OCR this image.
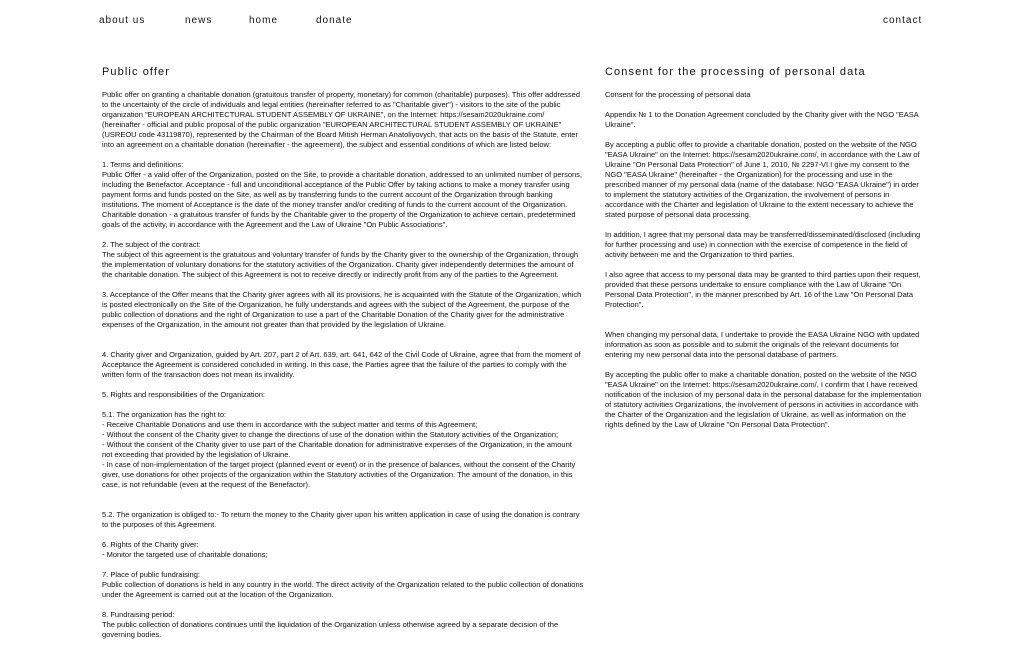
about us	news	home	donate	contact
Public offer

Public offer on granting a charitable donation (gratuitous transfer of property, monetary) for common (charitable) purposes). This offer addressed to the uncertainty of the circle of individuals and legal entities (hereinafter referred to as "Charitable giver") - visitors to the site of the public organization "EUROPEAN ARCHITECTURAL STUDENT ASSEMBLY OF UKRAINE", on the Internet: https://sesam2020ukraine.com/ (hereinafter - official and public proposal of the public organization "EUROPEAN ARCHITECTURAL STUDENT ASSEMBLY OF UKRAINE" (USREOU code 43119870), represented by the Chairman of the Board Mitish Herman Anatoliyovych, that acts on the basis of the Statute, enter into an agreement on a charitable donation (hereinafter - the agreement), the subject and essential conditions of which are listed below:

1. Terms and definitions:
Public Offer - a valid offer of the Organization, posted on the Site, to provide a charitable donation, addressed to an unlimited number of persons, including the Benefactor. Acceptance - full and unconditional acceptance of the Public Offer by taking actions to make a money transfer using payment forms and funds posted on the Site, as well as by transferring funds to the current account of the Organization through banking institutions. The moment of Acceptance is the date of the money transfer and/or crediting of funds to the current account of the Organization. Charitable donation - a gratuitous transfer of funds by the Charitable giver to the property of the Organization to achieve certain, predetermined goals of the activity, in accordance with the Agreement and the Law of Ukraine "On Public Associations".

2. The subject of the contract:
The subject of this agreement is the gratuitous and voluntary transfer of funds by the Charity giver to the ownership of the Organization, through the implementation of voluntary donations for the statutory activities of the Organization. Charity giver independently determines the amount of the charitable donation. The subject of this Agreement is not to receive directly or indirectly profit from any of the parties to the Agreement.

3. Acceptance of the Offer means that the Charity giver agrees with all its provisions, he is acquainted with the Statute of the Organization, which is posted electronically on the Site of the Organization, he fully understands and agrees with the subject of the Agreement, the purpose of the public collection of donations and the right of Organization to use a part of the Charitable Donation of the Charity giver for the administrative expenses of the Organization, in the amount not greater than that provided by the legislation of Ukraine.

4. Charity giver and Organization, guided by Art. 207, part 2 of Art. 639, art. 641, 642 of the Civil Code of Ukraine, agree that from the moment of Acceptance the Agreement is considered concluded in writing. In this case, the Parties agree that the failure of the parties to comply with the written form of the transaction does not mean its invalidity.

5. Rights and responsibilities of the Organization:

5.1. The organization has the right to:
- Receive Charitable Donations and use them in accordance with the subject matter and terms of this Agreement;
- Without the consent of the Charity giver to change the directions of use of the donation within the Statutory activities of the Organization;
- Without the consent of the Charity giver to use part of the Charitable donation for administrative expenses of the Organization, in the amount not exceeding that provided by the legislation of Ukraine.
- In case of non-implementation of the target project (planned event or event) or in the presence of balances, without the consent of the Charity giver, use donations for other projects of the organization within the Statutory activities of the Organization. The amount of the donation, in this case, is not refundable (even at the request of the Benefactor).

5.2. The organization is obliged to:- To return the money to the Charity giver upon his written application in case of using the donation is contrary to the purposes of this Agreement.

6. Rights of the Charity giver:
- Monitor the targeted use of charitable donations;

7. Place of public fundraising:
Public collection of donations is held in any country in the world. The direct activity of the Organization related to the public collection of donations under the Agreement is carried out at the location of the Organization.

8. Fundraising period:
The public collection of donations continues until the liquidation of the Organization unless otherwise agreed by a separate decision of the governing bodies.

Consent for the processing of personal data

Consent for the processing of personal data

Appendix № 1 to the Donation Agreement concluded by the Charity giver with the NGO "EASA Ukraine".

By accepting a public offer to provide a charitable donation, posted on the website of the NGO "EASA Ukraine" on the Internet: https://sesam2020ukraine.com/, in accordance with the Law of Ukraine "On Personal Data Protection" of June 1, 2010, № 2297-VI I give my consent to the NGO "EASA Ukraine" (hereinafter - the Organization) for the processing and use in the prescribed manner of my personal data (name of the database: NGO "EASA Ukraine") in order to implement the statutory activities of the Organization, the involvement of persons in accordance with the Charter and legislation of Ukraine to the extent necessary to achieve the stated purpose of personal data processing.

In addition, I agree that my personal data may be transferred/disseminated/disclosed (including for further processing and use) in connection with the exercise of competence in the field of activity between me and the Organization to third parties.

I also agree that access to my personal data may be granted to third parties upon their request, provided that these persons undertake to ensure compliance with the Law of Ukraine "On Personal Data Protection", in the manner prescribed by Art. 16 of the Law "On Personal Data Protection".

When changing my personal data, I undertake to provide the EASA Ukraine NGO with updated information as soon as possible and to submit the originals of the relevant documents for entering my new personal data into the personal database of partners.

By accepting the public offer to make a charitable donation, posted on the website of the NGO "EASA Ukraine" on the Internet: https://sesam2020ukraine.com/, I confirm that I have received notification of the inclusion of my personal data in the personal database for the implementation of statutory activities Organizations, the involvement of persons in activities in accordance with the Charter of the Organization and the legislation of Ukraine, as well as information on the rights defined by the Law of Ukraine "On Personal Data Protection".
